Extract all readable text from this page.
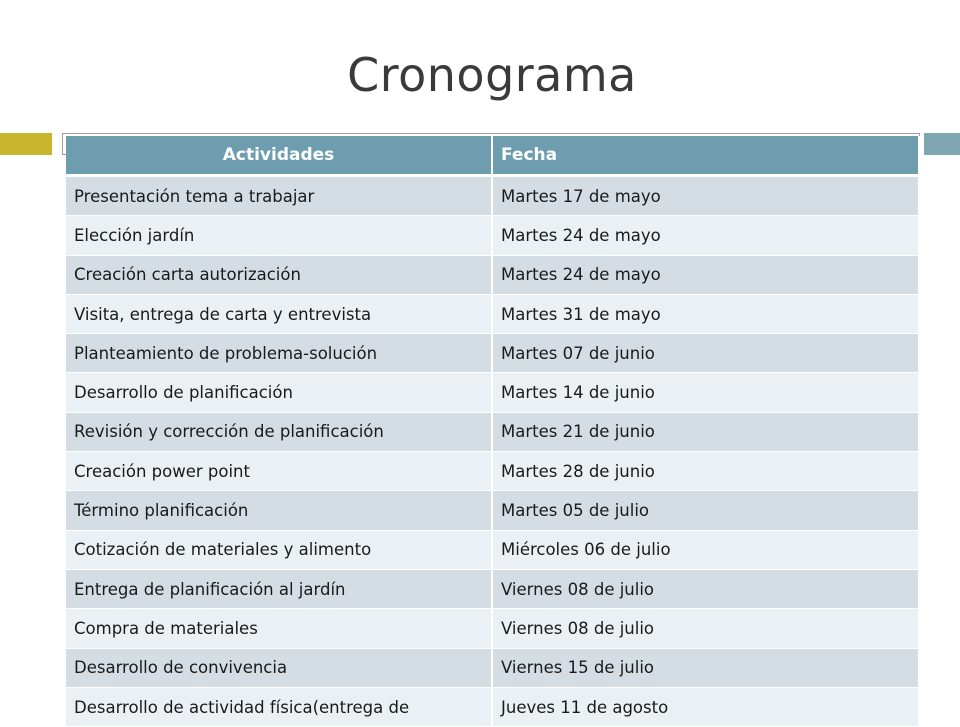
Cronograma
Actividades	Fecha
Presentación tema a trabajar	Martes 17 de mayo
Elección jardín	Martes 24 de mayo
Creación carta autorización	Martes 24 de mayo
Visita, entrega de carta y entrevista	Martes 31 de mayo
Planteamiento de problema-solución	Martes 07 de junio
Desarrollo de planificación	Martes 14 de junio
Revisión y corrección de planificación	Martes 21 de junio
Creación power point	Martes 28 de junio
Término planificación	Martes 05 de julio
Cotización de materiales y alimento	Miércoles 06 de julio
Entrega de planificación al jardín	Viernes 08 de julio
Compra de materiales	Viernes 08 de julio
Desarrollo de convivencia	Viernes 15 de julio
Desarrollo de actividad física(entrega de	Jueves 11 de agosto
